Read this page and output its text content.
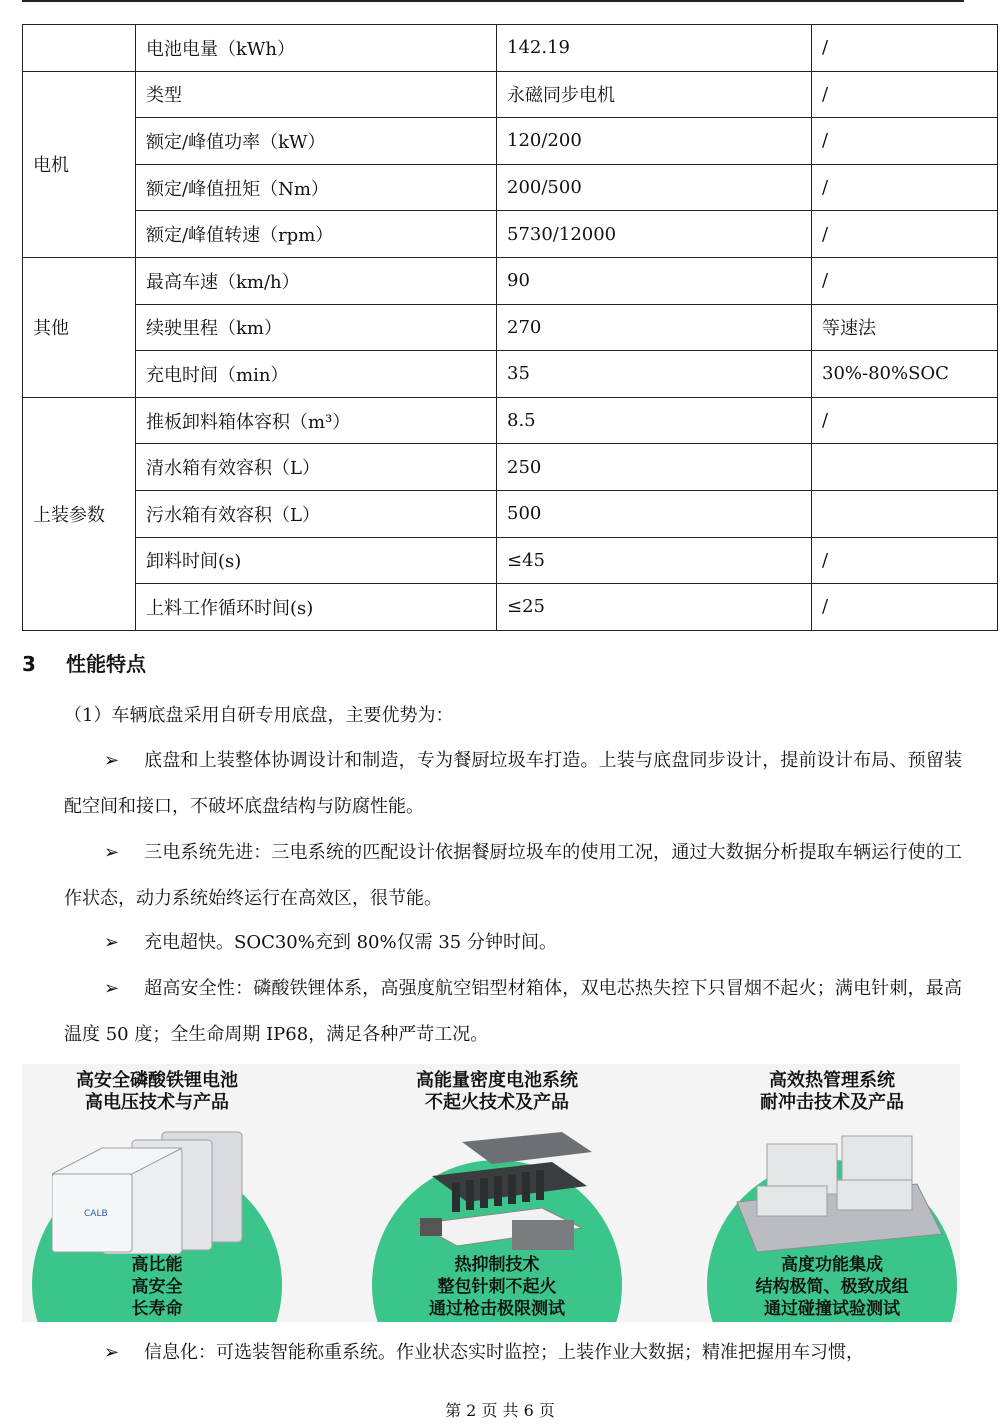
	电池电量（kWh）	142.19	/
电机	类型	永磁同步电机	/
	额定/峰值功率（kW）	120/200	/
	额定/峰值扭矩（Nm）	200/500	/
	额定/峰值转速（rpm）	5730/12000	/
其他	最高车速（km/h）	90	/
	续驶里程（km）	270	等速法
	充电时间（min）	35	30%-80%SOC
上装参数	推板卸料箱体容积（m³）	8.5	/
	清水箱有效容积（L）	250	
	污水箱有效容积（L）	500	
	卸料时间(s)	≤45	/
	上料工作循环时间(s)	≤25	/
3 性能特点
（1）车辆底盘采用自研专用底盘，主要优势为：
➢ 底盘和上装整体协调设计和制造，专为餐厨垃圾车打造。上装与底盘同步设计，提前设计布局、预留装配空间和接口，不破坏底盘结构与防腐性能。
➢ 三电系统先进：三电系统的匹配设计依据餐厨垃圾车的使用工况，通过大数据分析提取车辆运行使的工作状态，动力系统始终运行在高效区，很节能。
➢ 充电超快。SOC30%充到 80%仅需 35 分钟时间。
➢ 超高安全性：磷酸铁锂体系，高强度航空铝型材箱体，双电芯热失控下只冒烟不起火；满电针刺，最高温度 50 度；全生命周期 IP68，满足各种严苛工况。
高安全磷酸铁锂电池
高电压技术与产品
CALB
高比能
高安全
长寿命
高能量密度电池系统
不起火技术及产品
热抑制技术
整包针刺不起火
通过枪击极限测试
高效热管理系统
耐冲击技术及产品
高度功能集成
结构极简、极致成组
通过碰撞试验测试
➢ 信息化：可选装智能称重系统。作业状态实时监控；上装作业大数据；精准把握用车习惯，
第 2 页 共 6 页
